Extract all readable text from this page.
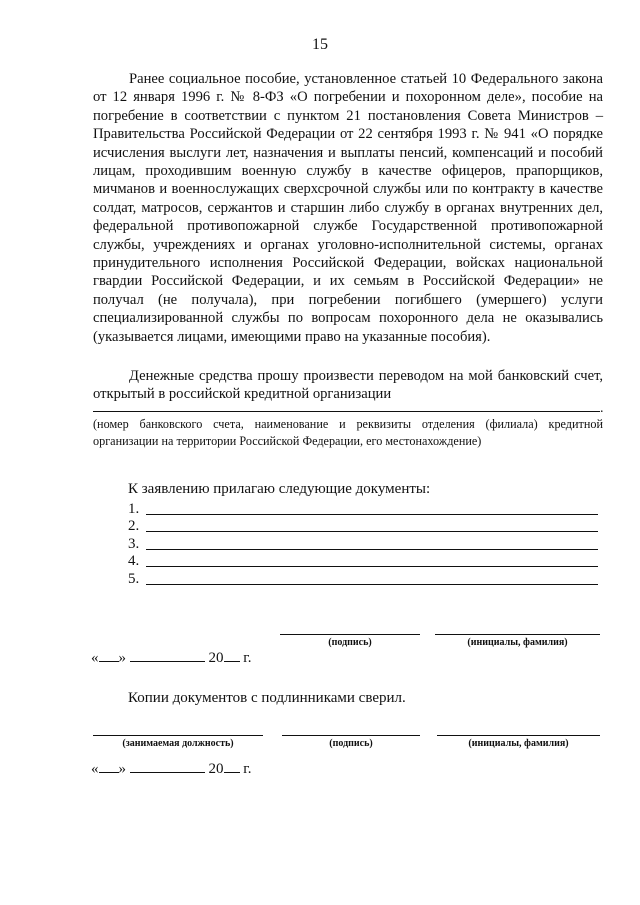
15
Ранее социальное пособие, установленное статьей 10 Федерального закона от 12 января 1996 г. № 8-ФЗ «О погребении и похоронном деле», пособие на погребение в соответствии с пунктом 21 постановления Совета Министров – Правительства Российской Федерации от 22 сентября 1993 г. № 941 «О порядке исчисления выслуги лет, назначения и выплаты пенсий, компенсаций и пособий лицам, проходившим военную службу в качестве офицеров, прапорщиков, мичманов и военнослужащих сверхсрочной службы или по контракту в качестве солдат, матросов, сержантов и старшин либо службу в органах внутренних дел, федеральной противопожарной службе Государственной противопожарной службы, учреждениях и органах уголовно-исполнительной системы, органах принудительного исполнения Российской Федерации, войсках национальной гвардии Российской Федерации, и их семьям в Российской Федерации» не получал (не получала), при погребении погибшего (умершего) услуги специализированной службы по вопросам похоронного дела не оказывались (указывается лицами, имеющими право на указанные пособия).
Денежные средства прошу произвести переводом на мой банковский счет, открытый в российской кредитной организации
.
(номер банковского счета, наименование и реквизиты отделения (филиала) кредитной организации на территории Российской Федерации, его местонахождение)
К заявлению прилагаю следующие документы:
1.
2.
3.
4.
5.
(подпись)	(инициалы, фамилия)
« »	20 г.
Копии документов с подлинниками сверил.
(занимаемая должность)	(подпись)	(инициалы, фамилия)
« »	20 г.
